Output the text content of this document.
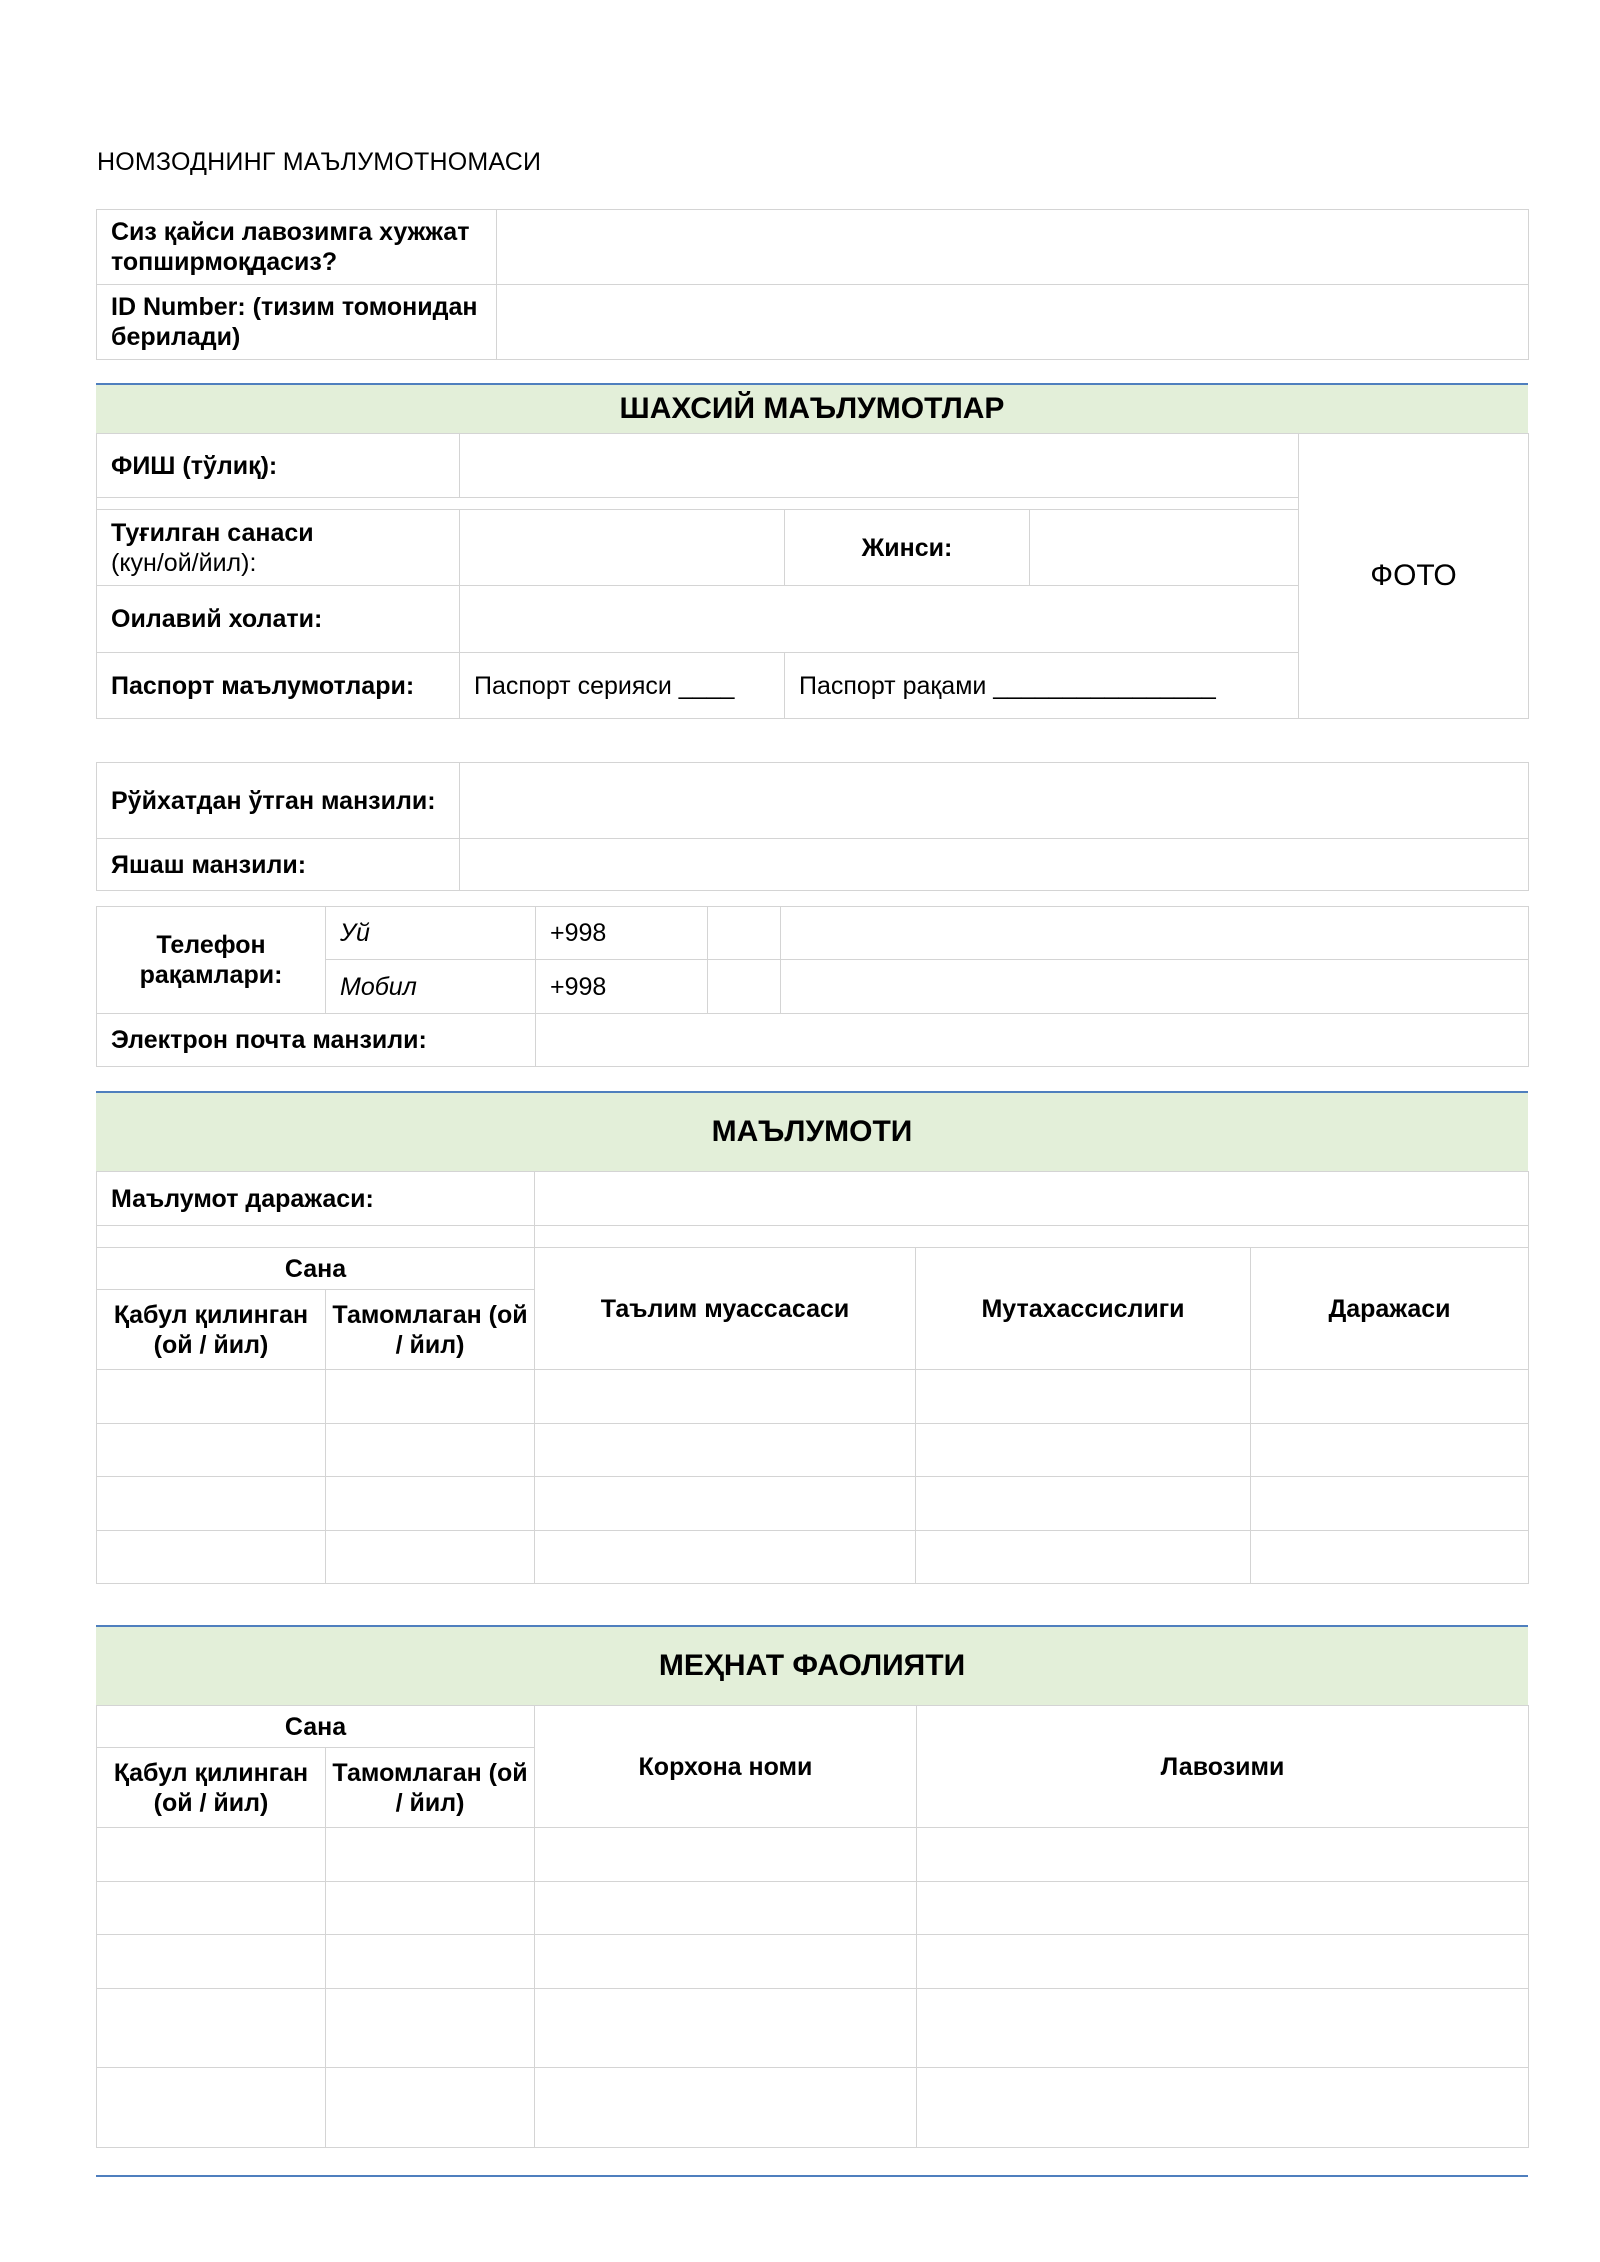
НОМЗОДНИНГ МАЪЛУМОТНОМАСИ
Сиз қайси лавозимга хужжат топширмоқдасиз?	
ID Number: (тизим томонидан берилади)	
ШАХСИЙ МАЪЛУМОТЛАР
ФИШ (тўлиқ):				ФОТО

Туғилган санаси
(кун/ой/йил):		Жинси:		
Оилавий холати:				
Паспорт маълумотлари:	Паспорт серияси ____	Паспорт рақами ________________		
Рўйхатдан ўтган манзили:	
Яшаш манзили:	
Телефон рақамлари:	Уй	+998		
	Мобил	+998		
Электрон почта манзили:				
МАЪЛУМОТИ
Маълумот даражаси:	

Сана		Таълим муассасаси	Мутахассислиги	Даражаси
Қабул қилинган (ой / йил)	Тамомлаган (ой / йил)			

МЕҲНАТ ФАОЛИЯТИ
Сана		Корхона номи	Лавозими
Қабул қилинган (ой / йил)	Тамомлаган (ой / йил)		
